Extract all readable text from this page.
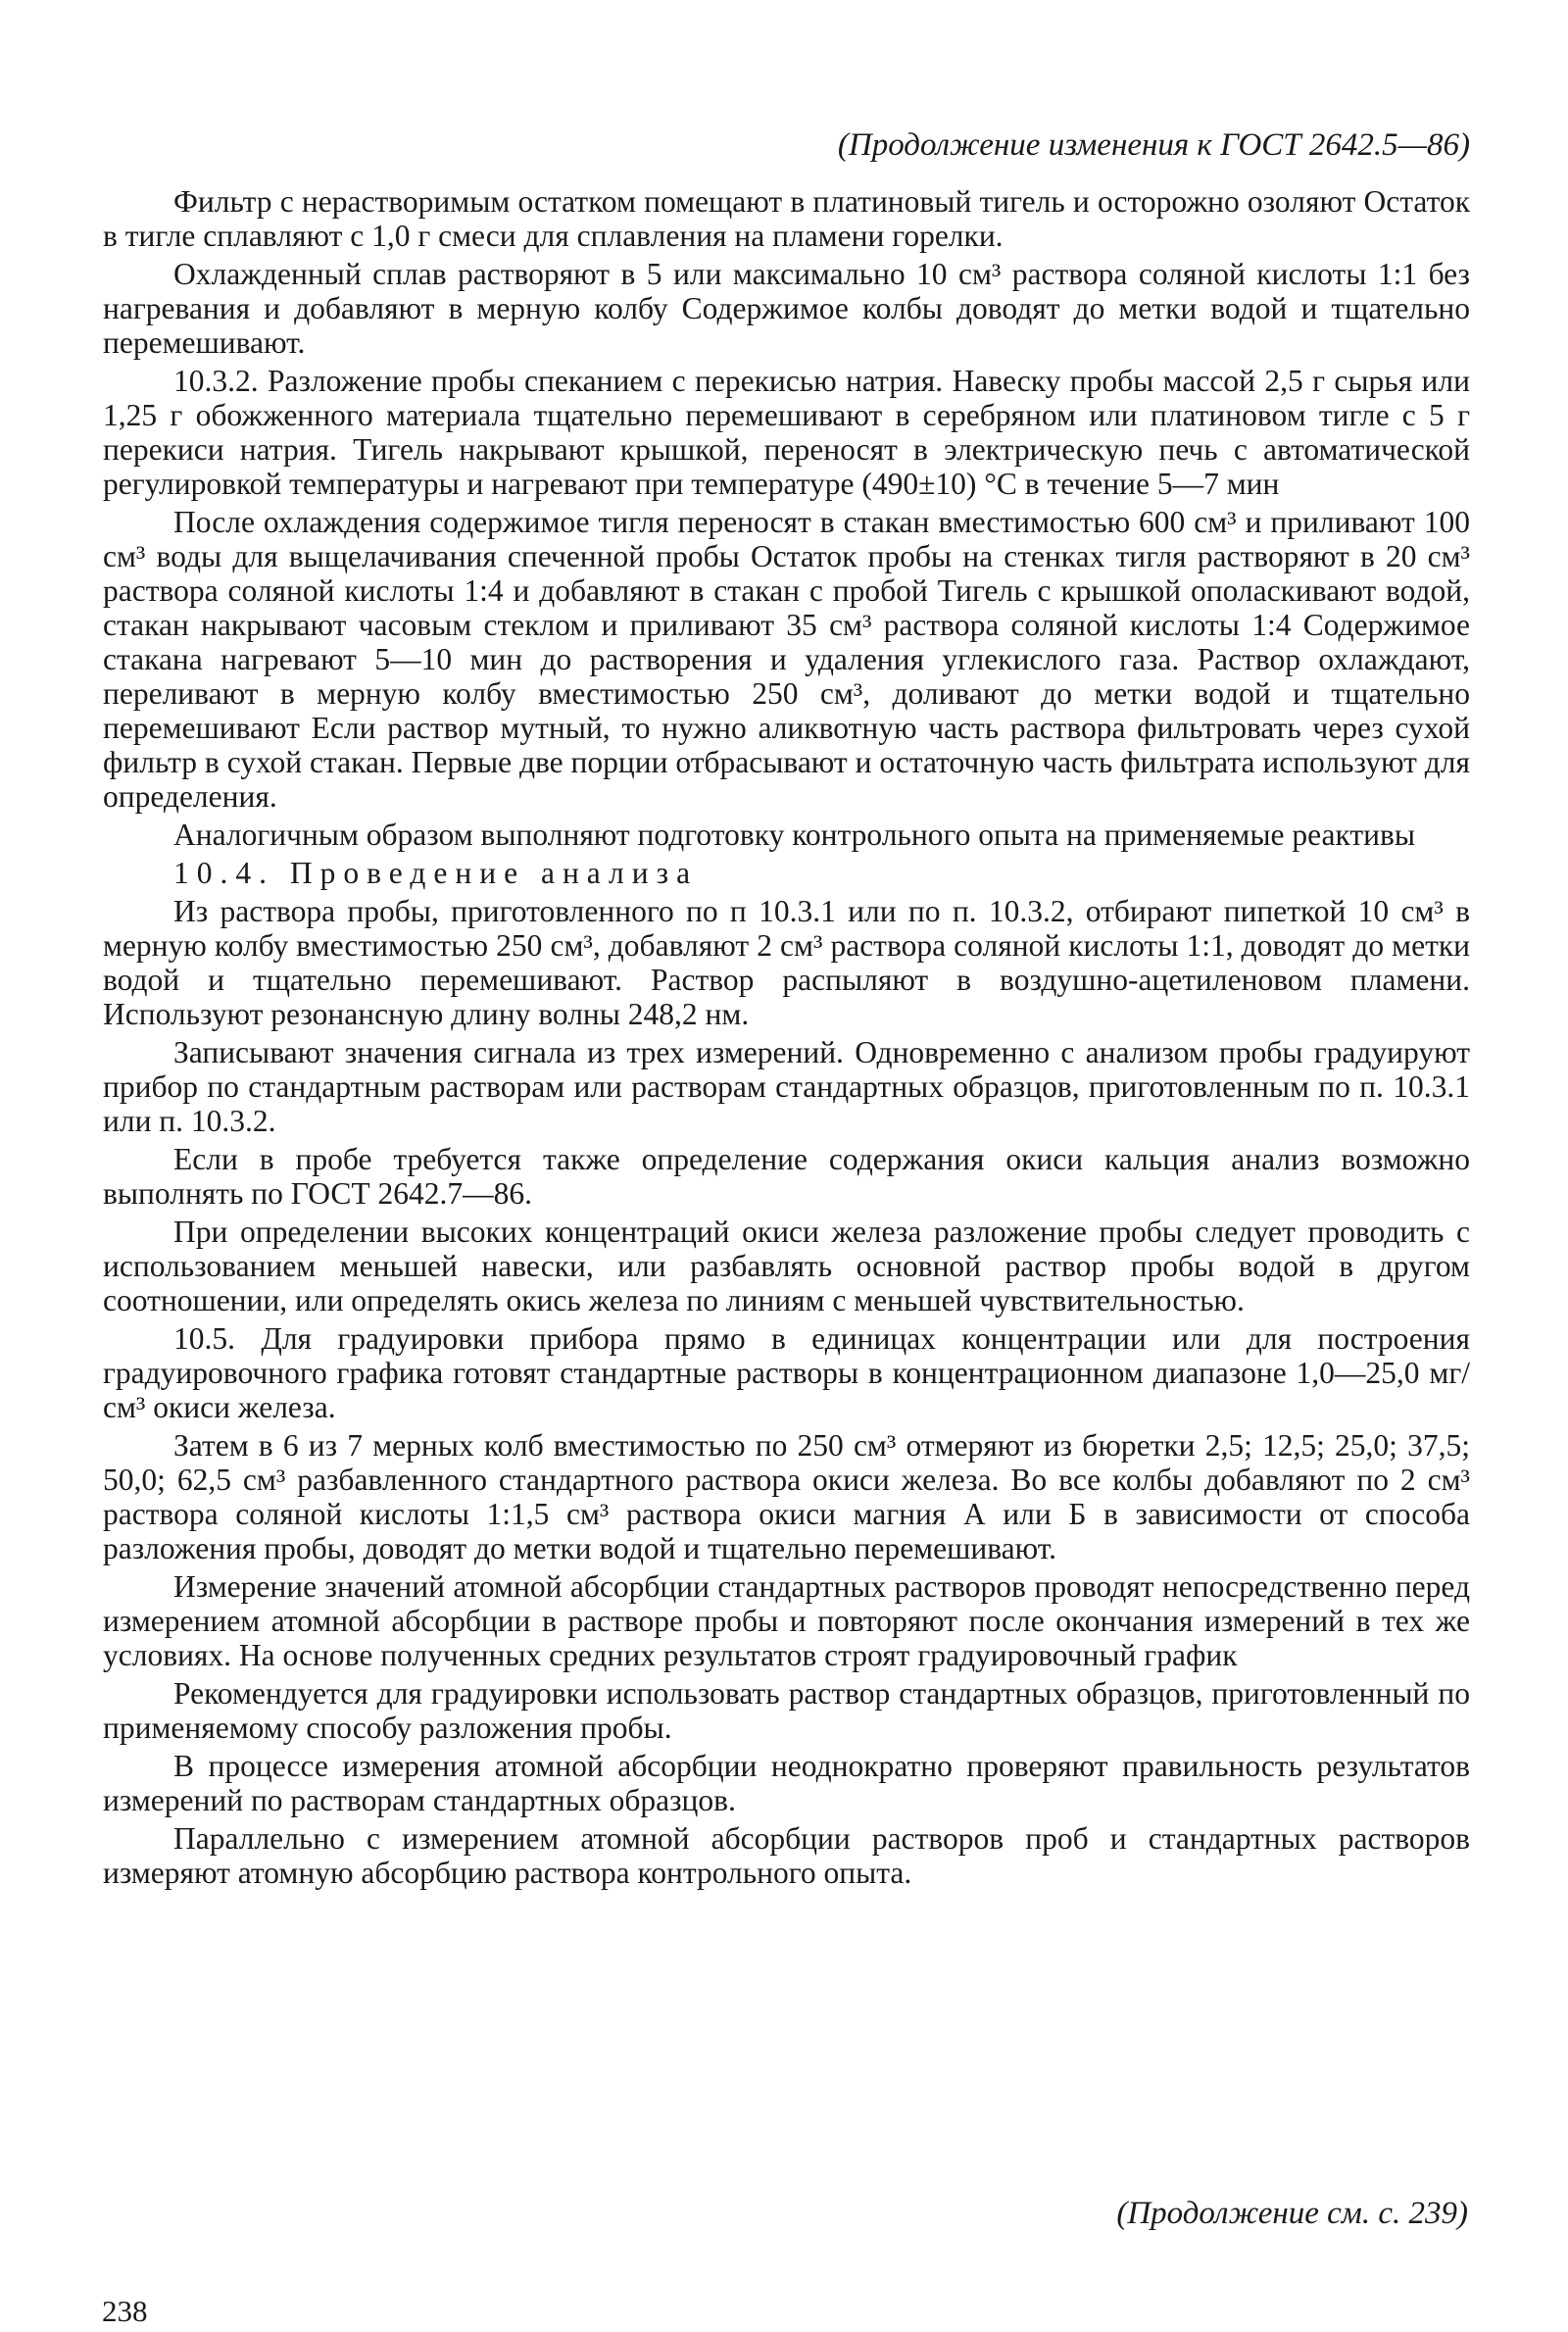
(Продолжение изменения к ГОСТ 2642.5—86)

Фильтр с нерастворимым остатком помещают в платиновый тигель и осторожно озоляют Остаток в тигле сплавляют с 1,0 г смеси для сплавления на пламени горелки.

Охлажденный сплав растворяют в 5 или максимально 10 см³ раствора соляной кислоты 1:1 без нагревания и добавляют в мерную колбу Содержимое колбы доводят до метки водой и тщательно перемешивают.

10.3.2. Разложение пробы спеканием с перекисью натрия. Навеску пробы массой 2,5 г сырья или 1,25 г обожженного материала тщательно перемешивают в серебряном или платиновом тигле с 5 г перекиси натрия. Тигель накрывают крышкой, переносят в электрическую печь с автоматической регулировкой температуры и нагревают при температуре (490±10) °С в течение 5—7 мин

После охлаждения содержимое тигля переносят в стакан вместимостью 600 см³ и приливают 100 см³ воды для выщелачивания спеченной пробы Остаток пробы на стенках тигля растворяют в 20 см³ раствора соляной кислоты 1:4 и добавляют в стакан с пробой Тигель с крышкой ополаскивают водой, стакан накрывают часовым стеклом и приливают 35 см³ раствора соляной кислоты 1:4 Содержимое стакана нагревают 5—10 мин до растворения и удаления углекислого газа. Раствор охлаждают, переливают в мерную колбу вместимостью 250 см³, доливают до метки водой и тщательно перемешивают Если раствор мутный, то нужно аликвотную часть раствора фильтровать через сухой фильтр в сухой стакан. Первые две порции отбрасывают и остаточную часть фильтрата используют для определения.

Аналогичным образом выполняют подготовку контрольного опыта на применяемые реактивы

10.4. Проведение анализа

Из раствора пробы, приготовленного по п 10.3.1 или по п. 10.3.2, отбирают пипеткой 10 см³ в мерную колбу вместимостью 250 см³, добавляют 2 см³ раствора соляной кислоты 1:1, доводят до метки водой и тщательно перемешивают. Раствор распыляют в воздушно-ацетиленовом пламени. Используют резонансную длину волны 248,2 нм.

Записывают значения сигнала из трех измерений. Одновременно с анализом пробы градуируют прибор по стандартным растворам или растворам стандартных образцов, приготовленным по п. 10.3.1 или п. 10.3.2.

Если в пробе требуется также определение содержания окиси кальция анализ возможно выполнять по ГОСТ 2642.7—86.

При определении высоких концентраций окиси железа разложение пробы следует проводить с использованием меньшей навески, или разбавлять основной раствор пробы водой в другом соотношении, или определять окись железа по линиям с меньшей чувствительностью.

10.5. Для градуировки прибора прямо в единицах концентрации или для построения градуировочного графика готовят стандартные растворы в концентрационном диапазоне 1,0—25,0 мг/см³ окиси железа.

Затем в 6 из 7 мерных колб вместимостью по 250 см³ отмеряют из бюретки 2,5; 12,5; 25,0; 37,5; 50,0; 62,5 см³ разбавленного стандартного раствора окиси железа. Во все колбы добавляют по 2 см³ раствора соляной кислоты 1:1,5 см³ раствора окиси магния А или Б в зависимости от способа разложения пробы, доводят до метки водой и тщательно перемешивают.

Измерение значений атомной абсорбции стандартных растворов проводят непосредственно перед измерением атомной абсорбции в растворе пробы и повторяют после окончания измерений в тех же условиях. На основе полученных средних результатов строят градуировочный график

Рекомендуется для градуировки использовать раствор стандартных образцов, приготовленный по применяемому способу разложения пробы.

В процессе измерения атомной абсорбции неоднократно проверяют правильность результатов измерений по растворам стандартных образцов.

Параллельно с измерением атомной абсорбции растворов проб и стандартных растворов измеряют атомную абсорбцию раствора контрольного опыта.

(Продолжение см. с. 239)
238
